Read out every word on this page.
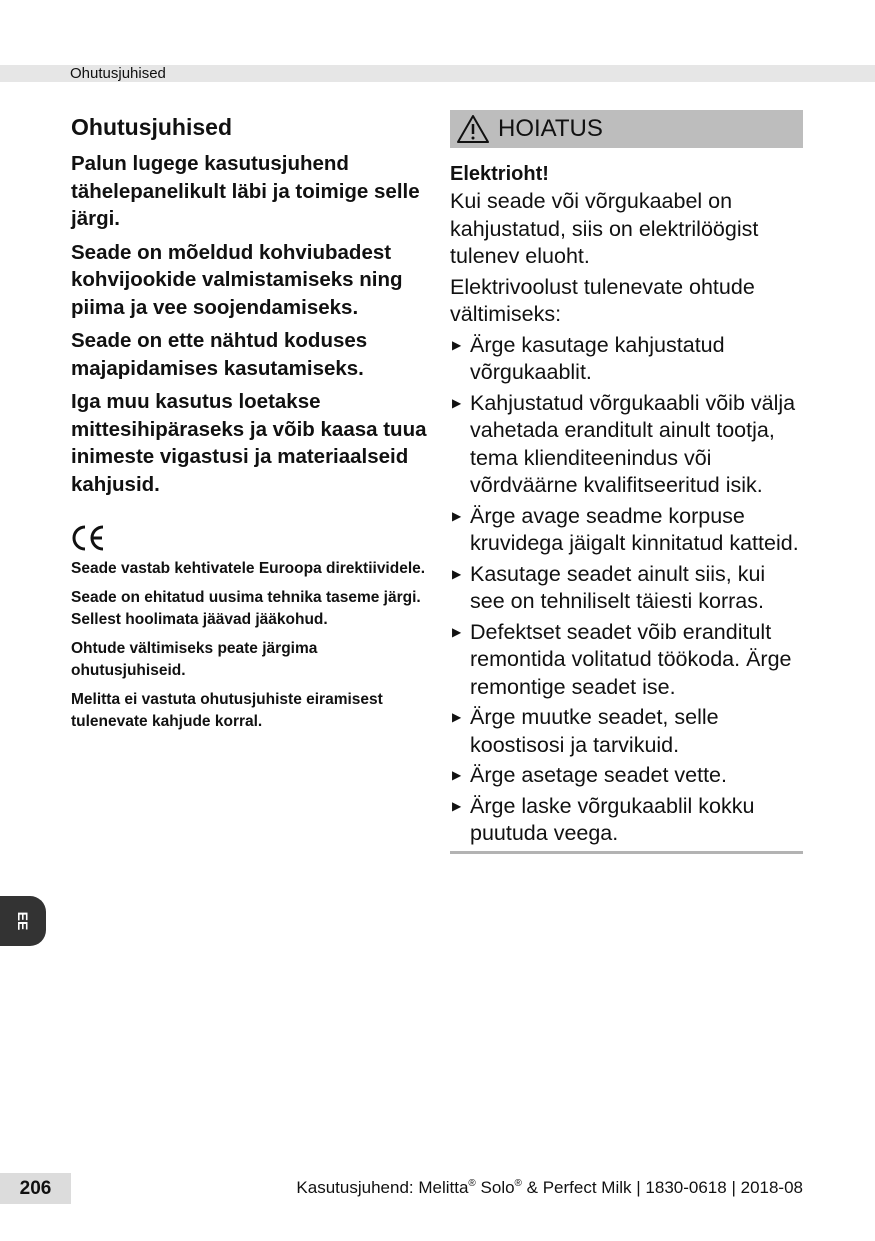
Ohutusjuhised
Ohutusjuhised
Palun lugege kasutusjuhend tähelepanelikult läbi ja toimige selle järgi.
Seade on mõeldud kohviubadest kohvijookide valmistamiseks ning piima ja vee soojendamiseks.
Seade on ette nähtud koduses majapidamises kasutamiseks.
Iga muu kasutus loetakse mittesihipäraseks ja võib kaasa tuua inimeste vigastusi ja materiaalseid kahjusid.
Seade vastab kehtivatele Euroopa direktiividele.
Seade on ehitatud uusima tehnika taseme järgi. Sellest hoolimata jäävad jääkohud.
Ohtude vältimiseks peate järgima ohutusjuhiseid.
Melitta ei vastuta ohutusjuhiste eiramisest tulenevate kahjude korral.
HOIATUS
Elektrioht!
Kui seade või võrgukaabel on kahjustatud, siis on elektrilöögist tulenev eluoht.
Elektrivoolust tulenevate ohtude vältimiseks:
▶ Ärge kasutage kahjustatud võrgukaablit.
▶ Kahjustatud võrgukaabli võib välja vahetada eranditult ainult tootja, tema klienditeenindus või võrdväärne kvalifitseeritud isik.
▶ Ärge avage seadme korpuse kruvidega jäigalt kinnitatud katteid.
▶ Kasutage seadet ainult siis, kui see on tehniliselt täiesti korras.
▶ Defektset seadet võib eranditult remontida volitatud töökoda. Ärge remontige seadet ise.
▶ Ärge muutke seadet, selle koostisosi ja tarvikuid.
▶ Ärge asetage seadet vette.
▶ Ärge laske võrgukaablil kokku puutuda veega.
EE
206	Kasutusjuhend: Melitta® Solo® & Perfect Milk | 1830-0618 | 2018-08
